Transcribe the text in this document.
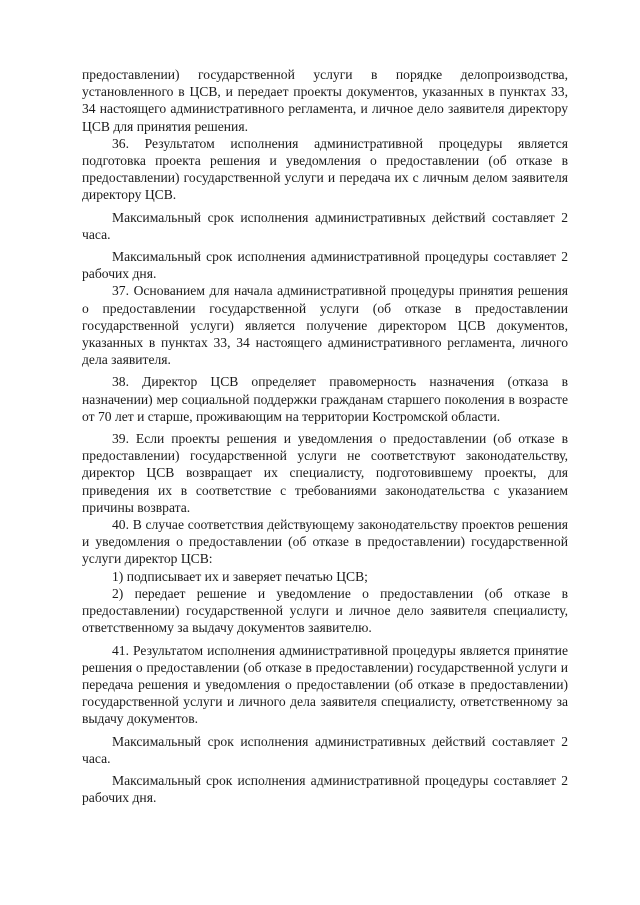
предоставлении) государственной услуги в порядке делопроизводства, установленного в ЦСВ, и передает проекты документов, указанных в пунктах 33, 34 настоящего административного регламента, и личное дело заявителя директору ЦСВ для принятия решения.

36. Результатом исполнения административной процедуры является подготовка проекта решения и уведомления о предоставлении (об отказе в предоставлении) государственной услуги и передача их с личным делом заявителя директору ЦСВ.

Максимальный срок исполнения административных действий составляет 2 часа.

Максимальный срок исполнения административной процедуры составляет 2 рабочих дня.

37. Основанием для начала административной процедуры принятия решения о предоставлении государственной услуги (об отказе в предоставлении государственной услуги) является получение директором ЦСВ документов, указанных в пунктах 33, 34 настоящего административного регламента, личного дела заявителя.

38. Директор ЦСВ определяет правомерность назначения (отказа в назначении) мер социальной поддержки гражданам старшего поколения в возрасте от 70 лет и старше, проживающим на территории Костромской области.

39. Если проекты решения и уведомления о предоставлении (об отказе в предоставлении) государственной услуги не соответствуют законодательству, директор ЦСВ возвращает их специалисту, подготовившему проекты, для приведения их в соответствие с требованиями законодательства с указанием причины возврата.

40. В случае соответствия действующему законодательству проектов решения и уведомления о предоставлении (об отказе в предоставлении) государственной услуги директор ЦСВ:

1) подписывает их и заверяет печатью ЦСВ;

2) передает решение и уведомление о предоставлении (об отказе в предоставлении) государственной услуги и личное дело заявителя специалисту, ответственному за выдачу документов заявителю.

41. Результатом исполнения административной процедуры является принятие решения о предоставлении (об отказе в предоставлении) государственной услуги и передача решения и уведомления о предоставлении (об отказе в предоставлении) государственной услуги и личного дела заявителя специалисту, ответственному за выдачу документов.

Максимальный срок исполнения административных действий составляет 2 часа.

Максимальный срок исполнения административной процедуры составляет 2 рабочих дня.
